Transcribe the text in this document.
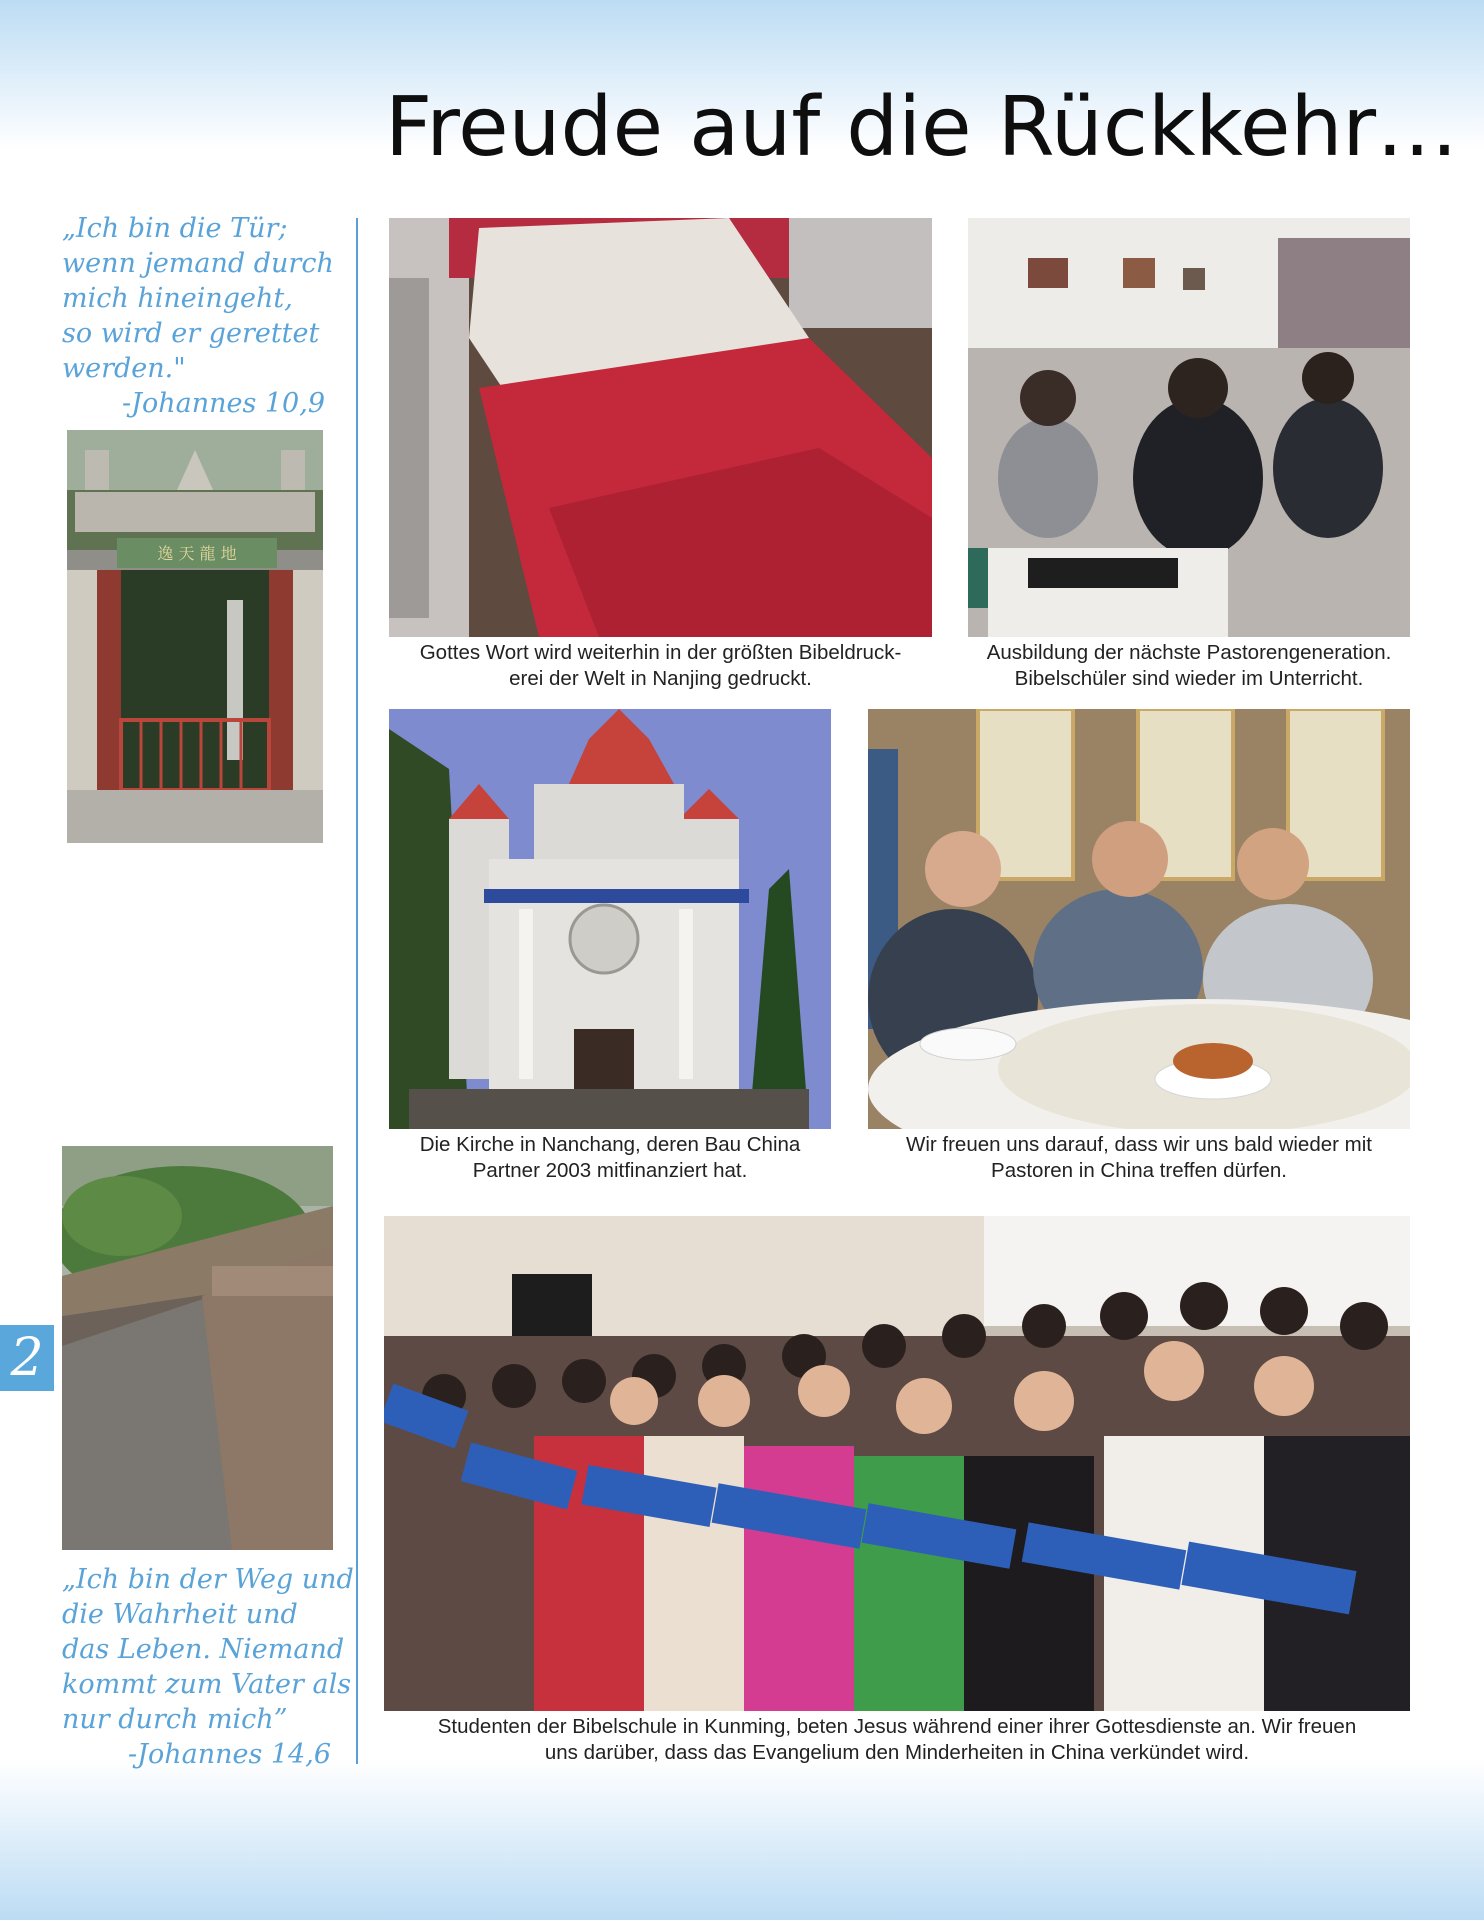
Freude auf die Rückkehr…
„Ich bin die Tür;
wenn jemand durch
mich hineingeht,
so wird er gerettet
werden."
-Johannes 10,9
逸 天 龍 地
„Ich bin der Weg und
die Wahrheit und
das Leben. Niemand
kommt zum Vater als
nur durch mich”
-Johannes 14,6
2
Gottes Wort wird weiterhin in der größten Bibeldruck-
erei der Welt in Nanjing gedruckt.
Ausbildung der nächste Pastorengeneration.
Bibelschüler sind wieder im Unterricht.
Die Kirche in Nanchang, deren Bau China
Partner 2003 mitfinanziert hat.
Wir freuen uns darauf, dass wir uns bald wieder mit
Pastoren in China treffen dürfen.
Studenten der Bibelschule in Kunming, beten Jesus während einer ihrer Gottesdienste an. Wir freuen
uns darüber, dass das Evangelium den Minderheiten in China verkündet wird.
